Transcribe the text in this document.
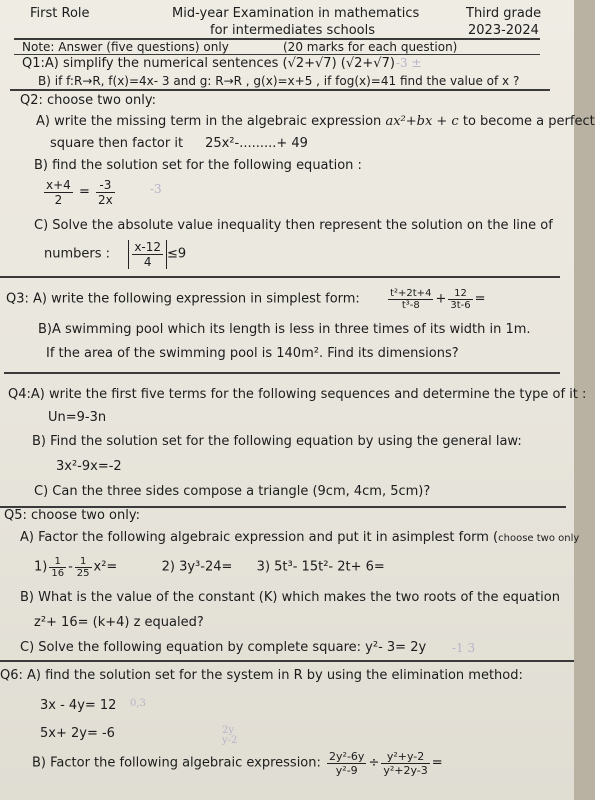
First Role	Mid-year Examination in mathematics	Third grade
for intermediates schools	2023-2024
Note: Answer (five questions) only	(20 marks for each question)
Q1:A) simplify the numerical sentences (√2+√7) (√2+√7) -3 ±
B) if f:R→R, f(x)=4x- 3 and g: R→R , g(x)=x+5 , if fog(x)=41 find the value of x ?
Q2: choose two only:
A) write the missing term in the algebraic expression ax²+bx + c to become a perfect
square then factor it 25x²-.........+ 49
B) find the solution set for the following equation :
$\frac{x+4}{2} = \frac{-3}{2x}$	-3
C) Solve the absolute value inequality then represent the solution on the line of
numbers : $\frac{x-12}{4} \le 9$
Q3: A) write the following expression in simplest form:	$\frac{\text{t²+2t+4}}{\text{t³-8}} + \frac{12}{3t-6}$ =
B)A swimming pool which its length is less in three times of its width in 1m.
If the area of the swimming pool is 140m². Find its dimensions?
Q4:A) write the first five terms for the following sequences and determine the type of it :
Un=9-3n
B) Find the solution set for the following equation by using the general law:
3x²-9x=-2
C) Can the three sides compose a triangle (9cm, 4cm, 5cm)?
Q5: choose two only:
A) Factor the following algebraic expression and put it in asimplest form (choose two only
$1) \frac{1}{16} - \frac{1}{25} x^2=$	2) 3y³-24= 3) 5t³- 15t²- 2t+ 6=
B) What is the value of the constant (K) which makes the two roots of the equation
z²+ 16= (k+4) z equaled?
C) Solve the following equation by complete square: y²- 3= 2y -1 3
Q6: A) find the solution set for the system in R by using the elimination method:
3x - 4y= 12 0,3
5x+ 2y= -6	2y
y-2
B) Factor the following algebraic expression: $\frac{\text{2y²-6y}}{\text{y²-9}} \div \frac{\text{y²+y-2}}{\text{y²+2y-3}}$ =
